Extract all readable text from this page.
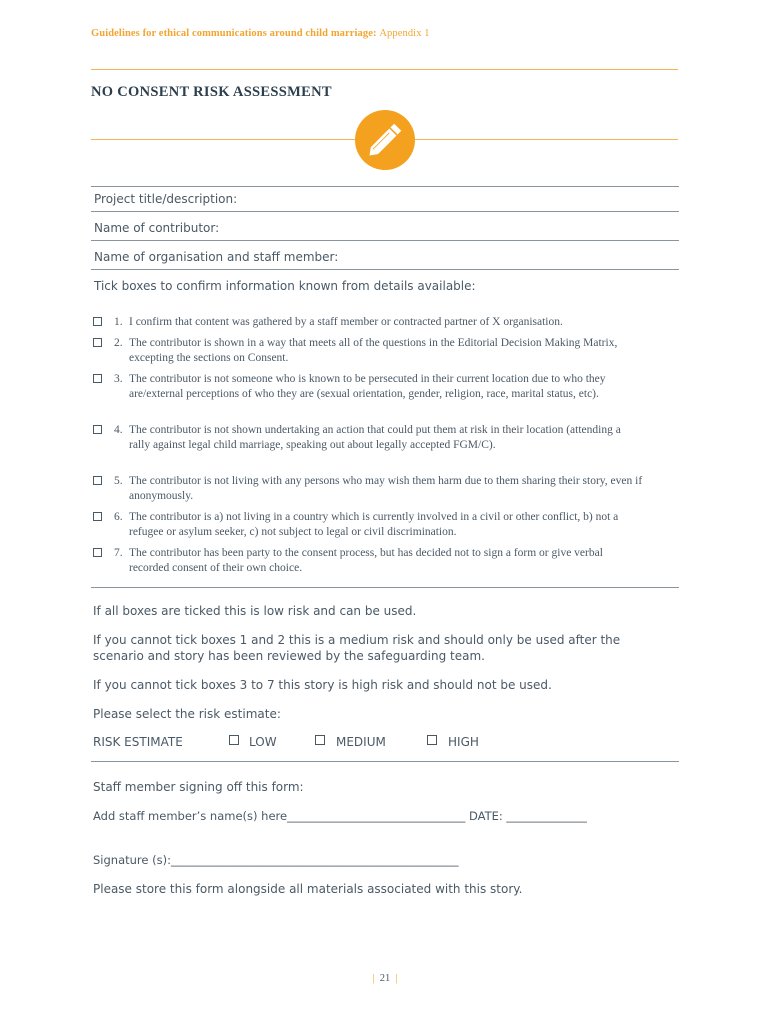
Guidelines for ethical communications around child marriage: Appendix 1
NO CONSENT RISK ASSESSMENT
Project title/description:
Name of contributor:
Name of organisation and staff member:
Tick boxes to confirm information known from details available:
1. I confirm that content was gathered by a staff member or contracted partner of X organisation.
2. The contributor is shown in a way that meets all of the questions in the Editorial Decision Making Matrix, excepting the sections on Consent.
3. The contributor is not someone who is known to be persecuted in their current location due to who they are/external perceptions of who they are (sexual orientation, gender, religion, race, marital status, etc).
4. The contributor is not shown undertaking an action that could put them at risk in their location (attending a rally against legal child marriage, speaking out about legally accepted FGM/C).
5. The contributor is not living with any persons who may wish them harm due to them sharing their story, even if anonymously.
6. The contributor is a) not living in a country which is currently involved in a civil or other conflict, b) not a refugee or asylum seeker, c) not subject to legal or civil discrimination.
7. The contributor has been party to the consent process, but has decided not to sign a form or give verbal recorded consent of their own choice.
If all boxes are ticked this is low risk and can be used.
If you cannot tick boxes 1 and 2 this is a medium risk and should only be used after the scenario and story has been reviewed by the safeguarding team.
If you cannot tick boxes 3 to 7 this story is high risk and should not be used.
Please select the risk estimate:
RISK ESTIMATE	LOW	MEDIUM	HIGH
Staff member signing off this form:
Add staff member’s name(s) here_______________________________ DATE: ______________
Signature (s):__________________________________________________
Please store this form alongside all materials associated with this story.
| 21 |
